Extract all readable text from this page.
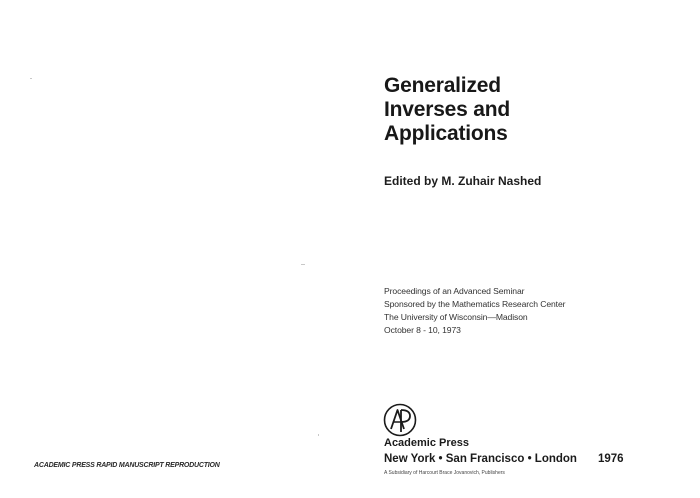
Generalized
Inverses and
Applications
Edited by M. Zuhair Nashed
Proceedings of an Advanced Seminar
Sponsored by the Mathematics Research Center
The University of Wisconsin—Madison
October 8 - 10, 1973
Academic Press
New York • San Francisco • London 1976
A Subsidiary of Harcourt Brace Jovanovich, Publishers
ACADEMIC PRESS RAPID MANUSCRIPT REPRODUCTION
